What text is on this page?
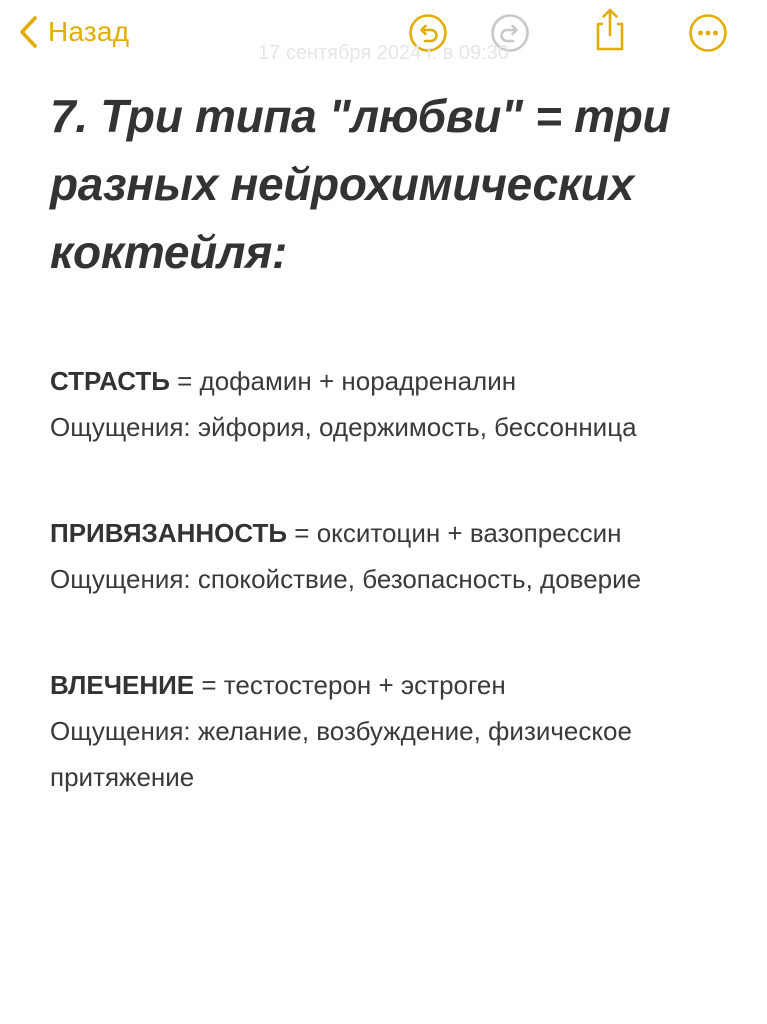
Назад
17 сентября 2024 г. в 09:30
7. Три типа "любви" = три разных нейрохимических коктейля:
СТРАСТЬ = дофамин + норадреналин
Ощущения: эйфория, одержимость, бессонница
ПРИВЯЗАННОСТЬ = окситоцин + вазопрессин
Ощущения: спокойствие, безопасность, доверие
ВЛЕЧЕНИЕ = тестостерон + эстроген
Ощущения: желание, возбуждение, физическое притяжение
